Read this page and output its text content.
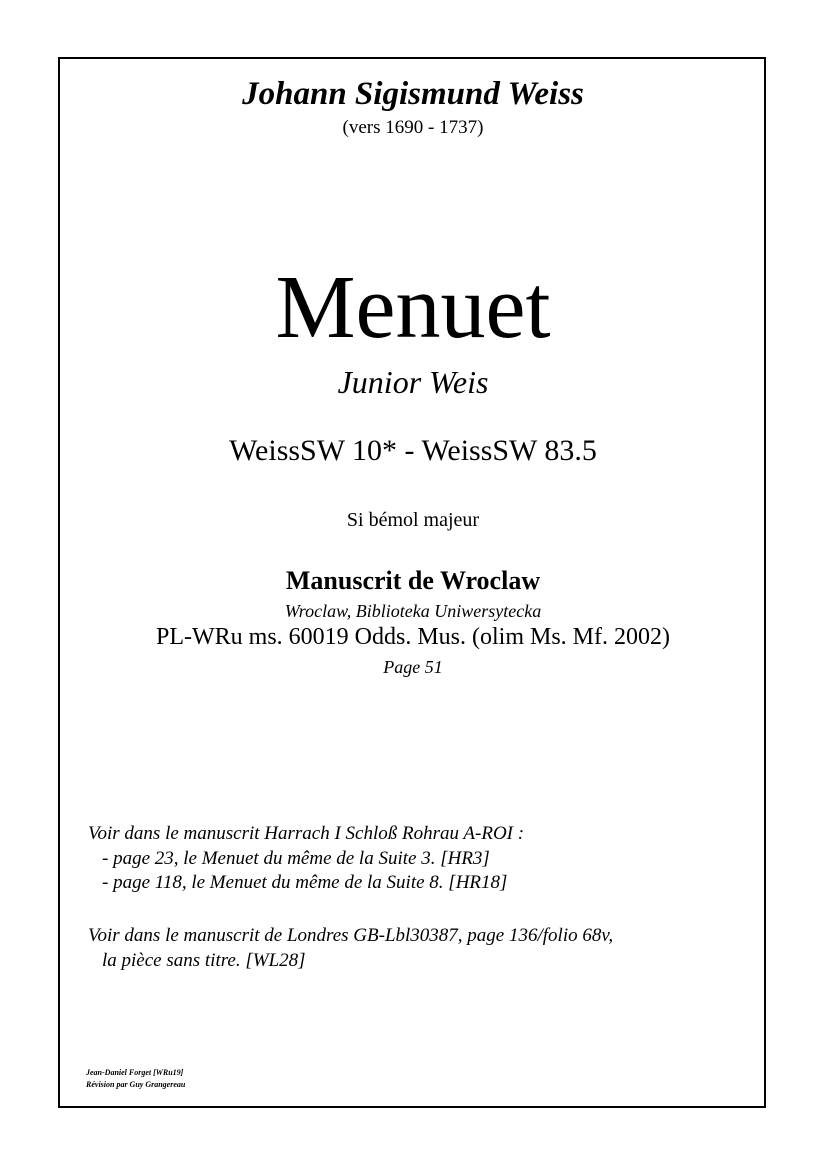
Johann Sigismund Weiss
(vers 1690 - 1737)
Menuet
Junior Weis
WeissSW 10* - WeissSW 83.5
Si bémol majeur
Manuscrit de Wroclaw
Wroclaw, Biblioteka Uniwersytecka
PL-WRu ms. 60019 Odds. Mus. (olim Ms. Mf. 2002)
Page 51
Voir dans le manuscrit Harrach I Schloß Rohrau A-ROI :
- page 23, le Menuet du même de la Suite 3. [HR3]
- page 118, le Menuet du même de la Suite 8. [HR18]
Voir dans le manuscrit de Londres GB-Lbl30387, page 136/folio 68v,
la pièce sans titre. [WL28]
Jean-Daniel Forget [WRu19]
Révision par Guy Grangereau
